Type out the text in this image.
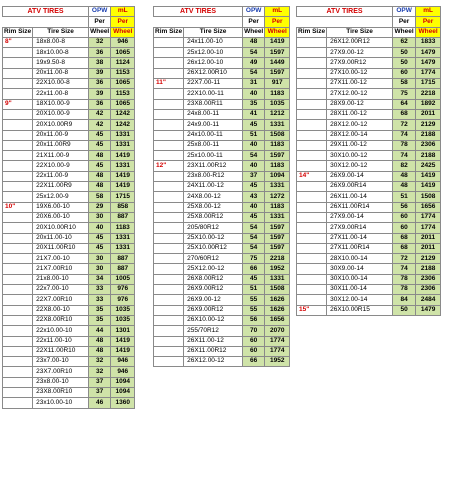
ATV TIRES		OPW	mL
		Per	Per
Rim Size	Tire Size	Wheel	Wheel
8"	18x8.00-8	32	946
	18x10.00-8	36	1065
	19x9.50-8	38	1124
	20x11.00-8	39	1153
	22X10.00-8	36	1065
	22x11.00-8	39	1153
9"	18X10.00-9	36	1065
	20X10.00-9	42	1242
	20X10.00R9	42	1242
	20x11.00-9	45	1331
	20x11.00R9	45	1331
	21X11.00-9	48	1419
	22X10.00-9	45	1331
	22x11.00-9	48	1419
	22X11.00R9	48	1419
	25x12.00-9	58	1715
10"	19X6.00-10	29	858
	20X6.00-10	30	887
	20X10.00R10	40	1183
	20x11.00-10	45	1331
	20X11.00R10	45	1331
	21X7.00-10	30	887
	21X7.00R10	30	887
	21x8.00-10	34	1005
	22x7.00-10	33	976
	22X7.00R10	33	976
	22X8.00-10	35	1035
	22X8.00R10	35	1035
	22x10.00-10	44	1301
	22x11.00-10	48	1419
	22X11.00R10	48	1419
	23x7.00-10	32	946
	23X7.00R10	32	946
	23x8.00-10	37	1094
	23X8.00R10	37	1094
	23x10.00-10	46	1360
ATV TIRES		OPW	mL
		Per	Per
Rim Size	Tire Size	Wheel	Wheel
	24x11.00-10	48	1419
	25x12.00-10	54	1597
	26x12.00-10	49	1449
	26X12.00R10	54	1597
11"	22X7.00-11	31	917
	22X10.00-11	40	1183
	23X8.00R11	35	1035
	24x8.00-11	41	1212
	24x9.00-11	45	1331
	24x10.00-11	51	1508
	25x8.00-11	40	1183
	25x10.00-11	54	1597
12"	23X11.00R12	40	1183
	23x8.00-R12	37	1094
	24X11.00-12	45	1331
	24X8.00-12	43	1272
	25X8.00-12	40	1183
	25X8.00R12	45	1331
	205/80R12	54	1597
	25X10.00-12	54	1597
	25X10.00R12	54	1597
	270/60R12	75	2218
	25X12.00-12	66	1952
	26X8.00R12	45	1331
	26X9.00R12	51	1508
	26X9.00-12	55	1626
	26X9.00R12	55	1626
	26X10.00-12	56	1656
	255/70R12	70	2070
	26X11.00-12	60	1774
	26X11.00R12	60	1774
	26X12.00-12	66	1952
ATV TIRES		OPW	mL
		Per	Per
Rim Size	Tire Size	Wheel	Wheel
	26X12.00R12	62	1833
	27X9.00-12	50	1479
	27X9.00R12	50	1479
	27X10.00-12	60	1774
	27X11.00-12	58	1715
	27X12.00-12	75	2218
	28X9.00-12	64	1892
	28X11.00-12	68	2011
	28X12.00-12	72	2129
	28X12.00-14	74	2188
	29X11.00-12	78	2306
	30X10.00-12	74	2188
	30X12.00-12	82	2425
14"	26X9.00-14	48	1419
	26X9.00R14	48	1419
	26X11.00-14	51	1508
	26X11.00R14	56	1656
	27X9.00-14	60	1774
	27X9.00R14	60	1774
	27X11.00-14	68	2011
	27X11.00R14	68	2011
	28X10.00-14	72	2129
	30X9.00-14	74	2188
	30X10.00-14	78	2306
	30X11.00-14	78	2306
	30X12.00-14	84	2484
15"	26X10.00R15	50	1479
